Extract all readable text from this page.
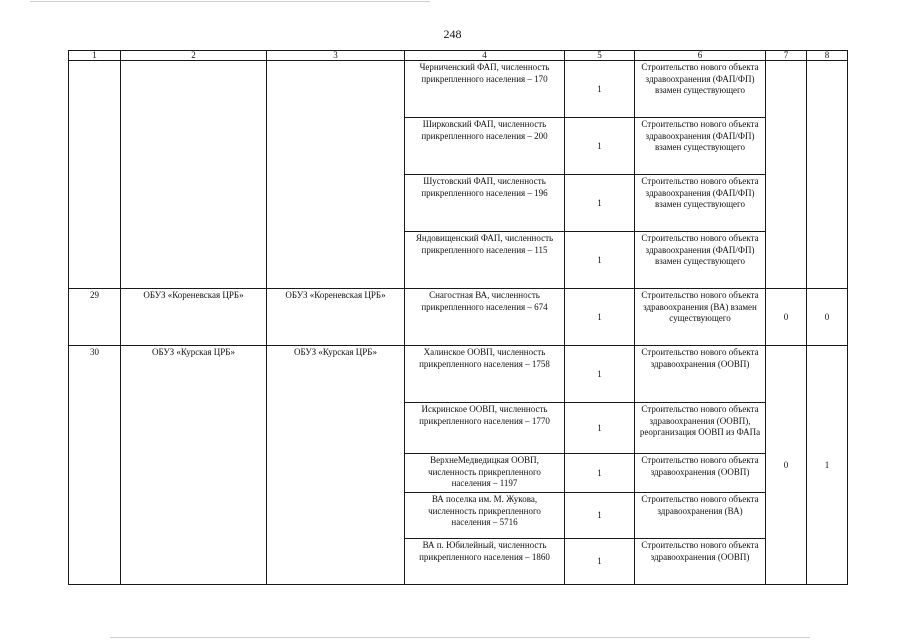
248
1	2	3	4	5	6	7	8
			Черниченский ФАП, численность прикрепленного населения – 170	1	Строительство нового объекта здравоохранения (ФАП/ФП) взамен существующего		
			Ширковский ФАП, численность прикрепленного населения – 200	1	Строительство нового объекта здравоохранения (ФАП/ФП) взамен существующего		
			Шустовский ФАП, численность прикрепленного населения – 196	1	Строительство нового объекта здравоохранения (ФАП/ФП) взамен существующего		
			Яндовищенский ФАП, численность прикрепленного населения – 115	1	Строительство нового объекта здравоохранения (ФАП/ФП) взамен существующего		
29	ОБУЗ «Кореневская ЦРБ»	ОБУЗ «Кореневская ЦРБ»	Снагостная ВА, численность прикрепленного населения – 674	1	Строительство нового объекта здравоохранения (ВА) взамен существующего	0	0
30	ОБУЗ «Курская ЦРБ»	ОБУЗ «Курская ЦРБ»	Халинское ООВП, численность прикрепленного населения – 1758	1	Строительство нового объекта здравоохранения (ООВП)	0	1
			Искринское ООВП, численность прикрепленного населения – 1770	1	Строительство нового объекта здравоохранения (ООВП), реорганизация ООВП из ФАПа		
			ВерхнеМедведицкая ООВП, численность прикрепленного населения – 1197	1	Строительство нового объекта здравоохранения (ООВП)		
			ВА поселка им. М. Жукова, численность прикрепленного населения – 5716	1	Строительство нового объекта здравоохранения (ВА)		
			ВА п. Юбилейный, численность прикрепленного населения – 1860	1	Строительство нового объекта здравоохранения (ООВП)		
